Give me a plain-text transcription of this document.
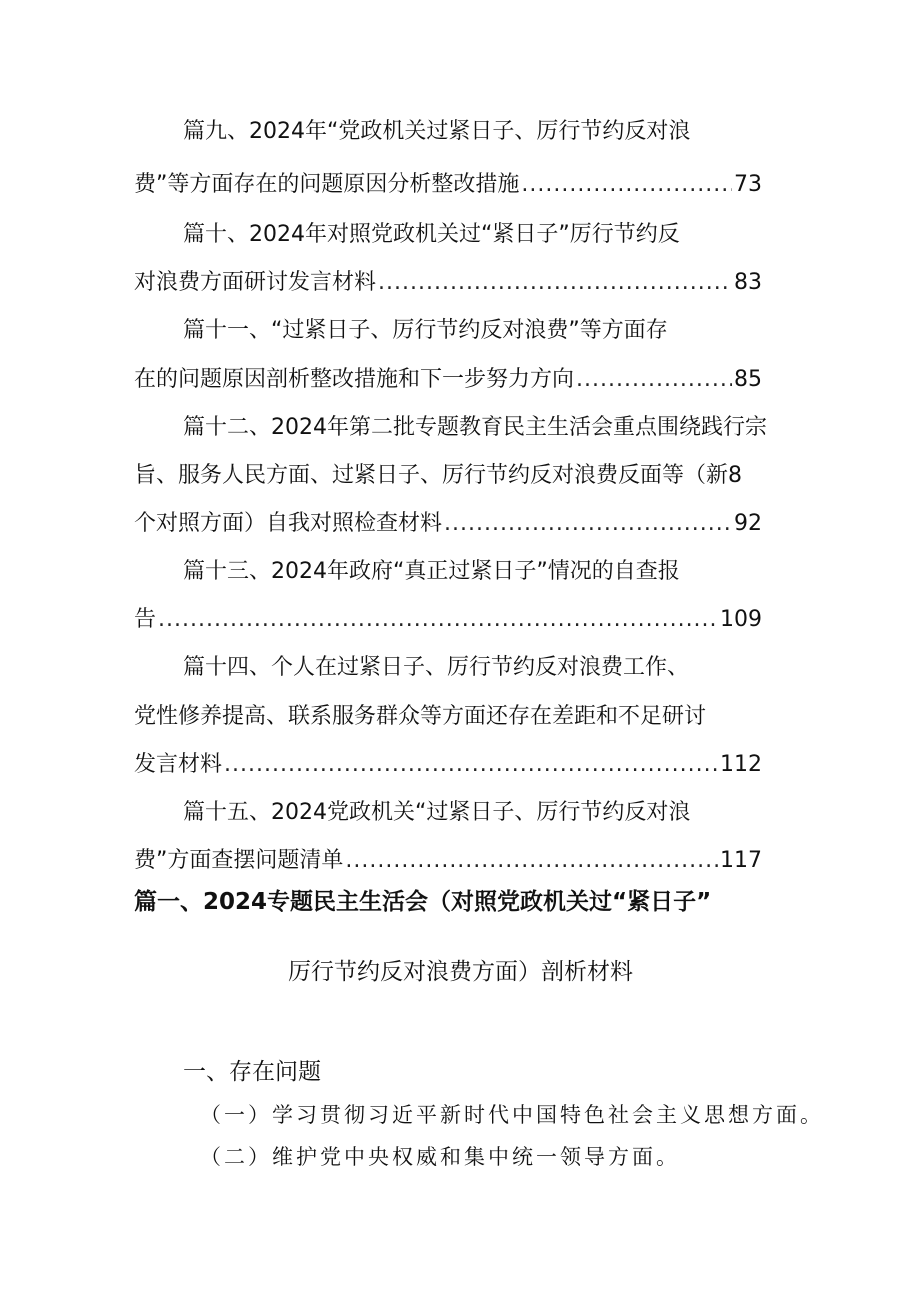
篇九、2024年“党政机关过紧日子、厉行节约反对浪
费”等方面存在的问题原因分析整改措施 .....	73
篇十、2024年对照党政机关过“紧日子”厉行节约反
对浪费方面研讨发言材料 .....	83
篇十一、“过紧日子、厉行节约反对浪费”等方面存
在的问题原因剖析整改措施和下一步努力方向 .....	85
篇十二、2024年第二批专题教育民主生活会重点围绕践行宗
旨、服务人民方面、过紧日子、厉行节约反对浪费反面等（新8
个对照方面）自我对照检查材料 .....	92
篇十三、2024年政府“真正过紧日子”情况的自查报
告 .....	109
篇十四、个人在过紧日子、厉行节约反对浪费工作、
党性修养提高、联系服务群众等方面还存在差距和不足研讨
发言材料 .....	112
篇十五、2024党政机关“过紧日子、厉行节约反对浪
费”方面查摆问题清单 .....	117
篇一、2024专题民主生活会（对照党政机关过“紧日子”
厉行节约反对浪费方面）剖析材料
一、存在问题
（一）学习贯彻习近平新时代中国特色社会主义思想方面。
（二）维护党中央权威和集中统一领导方面。
